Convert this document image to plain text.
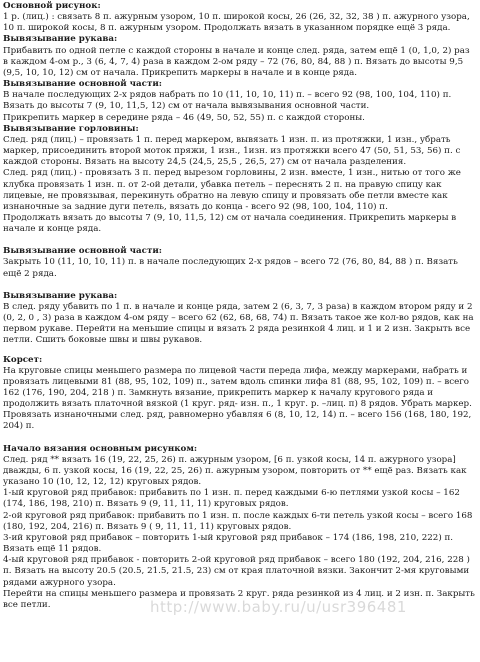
Основной рисунок:
1 р. (лиц.) : связать 8 п. ажурным узором, 10 п. широкой косы, 26 (26, 32, 32, 38 ) п. ажурного узора, 10 п. широкой косы, 8 п. ажурным узором. Продолжать вязать в указанном порядке ещё 3 ряда.
Вывязывание рукава:
Прибавить по одной петле с каждой стороны в начале и конце след. ряда, затем ещё 1 (0, 1,0, 2) раз в каждом 4-ом р., 3 (6, 4, 7, 4) раза в каждом 2-ом ряду – 72 (76, 80, 84, 88 ) п. Вязать до высоты 9,5 (9,5, 10, 10, 12) см от начала. Прикрепить маркеры в начале и в конце ряда.
Вывязывание основной части:
В начале последующих 2-х рядов набрать по 10 (11, 10, 10, 11) п. – всего 92 (98, 100, 104, 110) п. Вязать до высоты 7 (9, 10, 11,5, 12) см от начала вывязывания основной части.
Прикрепить маркер в середине ряда – 46 (49, 50, 52, 55) п. с каждой стороны.
Вывязывание горловины:
След. ряд (лиц.) – провязать 1 п. перед маркером, вывязать 1 изн. п. из протяжки, 1 изн., убрать маркер, присоединить второй моток пряжи, 1 изн., 1изн. из протяжки всего 47 (50, 51, 53, 56) п. с каждой стороны. Вязать на высоту 24,5 (24,5, 25,5 , 26,5, 27) см от начала разделения.
След. ряд (лиц.) - провязать 3 п. перед вырезом горловины, 2 изн. вместе, 1 изн., нитью от того же клубка провязать 1 изн. п. от 2-ой детали, убавка петель – переснять 2 п. на правую спицу как лицевые, не провязывая, перекинуть обратно на левую спицу и провязать обе петли вместе как изнаночные за задние дуги петель, вязать до конца - всего 92 (98, 100, 104, 110) п.
Продолжать вязать до высоты 7 (9, 10, 11,5, 12) см от начала соединения. Прикрепить маркеры в начале и конце ряда.
Вывязывание основной части:
Закрыть 10 (11, 10, 10, 11) п. в начале последующих 2-х рядов – всего 72 (76, 80, 84, 88 ) п. Вязать ещё 2 ряда.
Вывязывание рукава:
В след. ряду убавить по 1 п. в начале и конце ряда, затем 2 (6, 3, 7, 3 раза) в каждом втором ряду и 2 (0, 2, 0 , 3) раза в каждом 4-ом ряду – всего 62 (62, 68, 68, 74) п. Вязать такое же кол-во рядов, как на первом рукаве. Перейти на меньшие спицы и вязать 2 ряда резинкой 4 лиц. и 1 и 2 изн. Закрыть все петли. Сшить боковые швы и швы рукавов.
Корсет:
На круговые спицы меньшего размера по лицевой части переда лифа, между маркерами, набрать и провязать лицевыми 81 (88, 95, 102, 109) п., затем вдоль спинки лифа 81 (88, 95, 102, 109) п. – всего 162 (176, 190, 204, 218 ) п. Замкнуть вязание, прикрепить маркер к началу кругового ряда и продолжить вязать платочной вязкой (1 круг. ряд- изн. п., 1 круг. р. –лиц. п) 8 рядов. Убрать маркер. Провязать изнаночными след. ряд, равномерно убавляя 6 (8, 10, 12, 14) п. – всего 156 (168, 180, 192, 204) п.
Начало вязания основным рисунком:
След. ряд ** вязать 16 (19, 22, 25, 26) п. ажурным узором, [6 п. узкой косы, 14 п. ажурного узора] дважды, 6 п. узкой косы, 16 (19, 22, 25, 26) п. ажурным узором, повторить от ** ещё раз. Вязать как указано 10 (10, 12, 12, 12) круговых рядов.
1-ый круговой ряд прибавок: прибавить по 1 изн. п. перед каждыми 6-ю петлями узкой косы – 162 (174, 186, 198, 210) п. Вязать 9 (9, 11, 11, 11) круговых рядов.
2-ой круговой ряд прибавок: прибавить по 1 изн. п. после каждых 6-ти петель узкой косы – всего 168 (180, 192, 204, 216) п. Вязать 9 ( 9, 11, 11, 11) круговых рядов.
3-ий круговой ряд прибавок – повторить 1-ый круговой ряд прибавок – 174 (186, 198, 210, 222) п. Вязать ещё 11 рядов.
4-ый круговой ряд прибавок - повторить 2-ой круговой ряд прибавок – всего 180 (192, 204, 216, 228 ) п. Вязать на высоту 20.5 (20.5, 21.5, 21.5, 23) см от края платочной вязки. Закончит 2-мя круговыми рядами ажурного узора.
Перейти на спицы меньшего размера и провязать 2 круг. ряда резинкой из 4 лиц. и 2 изн. п. Закрыть все петли.	http://www.baby.ru/u/usr396481
